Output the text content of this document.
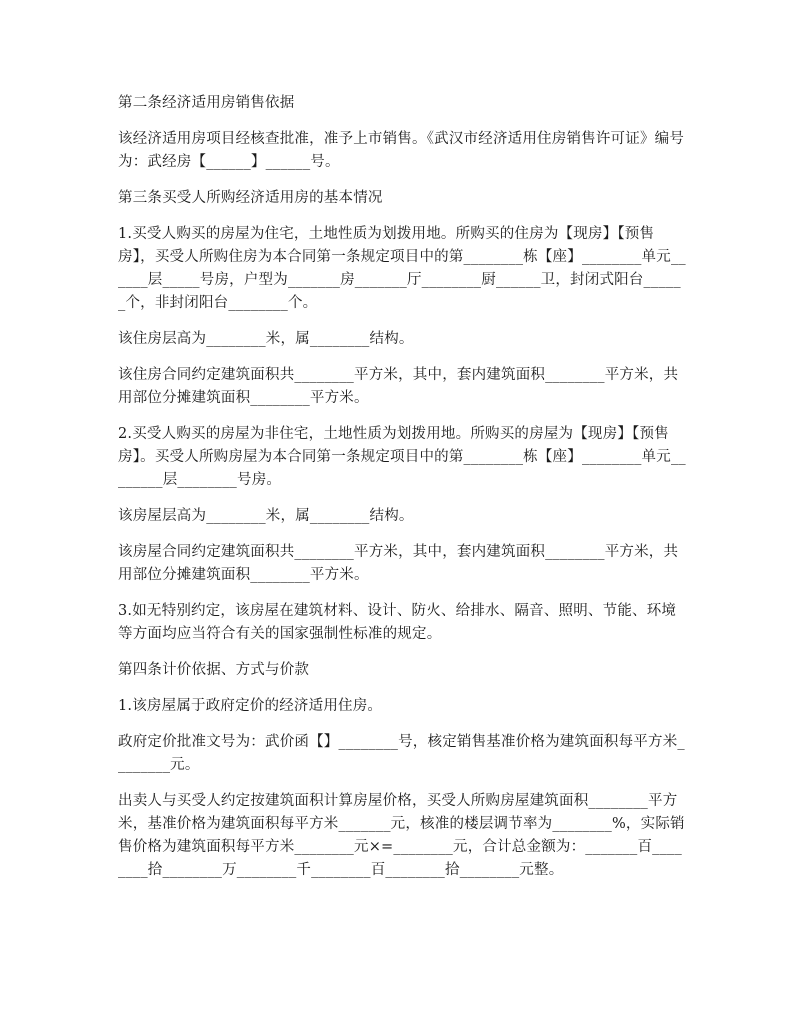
第二条经济适用房销售依据

该经济适用房项目经核查批准，准予上市销售。《武汉市经济适用住房销售许可证》编号为：武经房【______】______号。

第三条买受人所购经济适用房的基本情况

1.买受人购买的房屋为住宅，土地性质为划拨用地。所购买的住房为【现房】【预售房】，买受人所购住房为本合同第一条规定项目中的第________栋【座】________单元______层_____号房，户型为_______房_______厅________厨______卫，封闭式阳台______个，非封闭阳台________个。

该住房层高为________米，属________结构。

该住房合同约定建筑面积共________平方米，其中，套内建筑面积________平方米，共用部位分摊建筑面积________平方米。

2.买受人购买的房屋为非住宅，土地性质为划拨用地。所购买的房屋为【现房】【预售房】。买受人所购房屋为本合同第一条规定项目中的第________栋【座】________单元________层________号房。

该房屋层高为________米，属________结构。

该房屋合同约定建筑面积共________平方米，其中，套内建筑面积________平方米，共用部位分摊建筑面积________平方米。

3.如无特别约定，该房屋在建筑材料、设计、防火、给排水、隔音、照明、节能、环境等方面均应当符合有关的国家强制性标准的规定。

第四条计价依据、方式与价款

1.该房屋属于政府定价的经济适用住房。

政府定价批准文号为：武价函【】________号，核定销售基准价格为建筑面积每平方米________元。

出卖人与买受人约定按建筑面积计算房屋价格，买受人所购房屋建筑面积________平方米，基准价格为建筑面积每平方米_______元，核准的楼层调节率为________%，实际销售价格为建筑面积每平方米________元×=________元，合计总金额为：_______百________拾________万________千________百________拾________元整。
